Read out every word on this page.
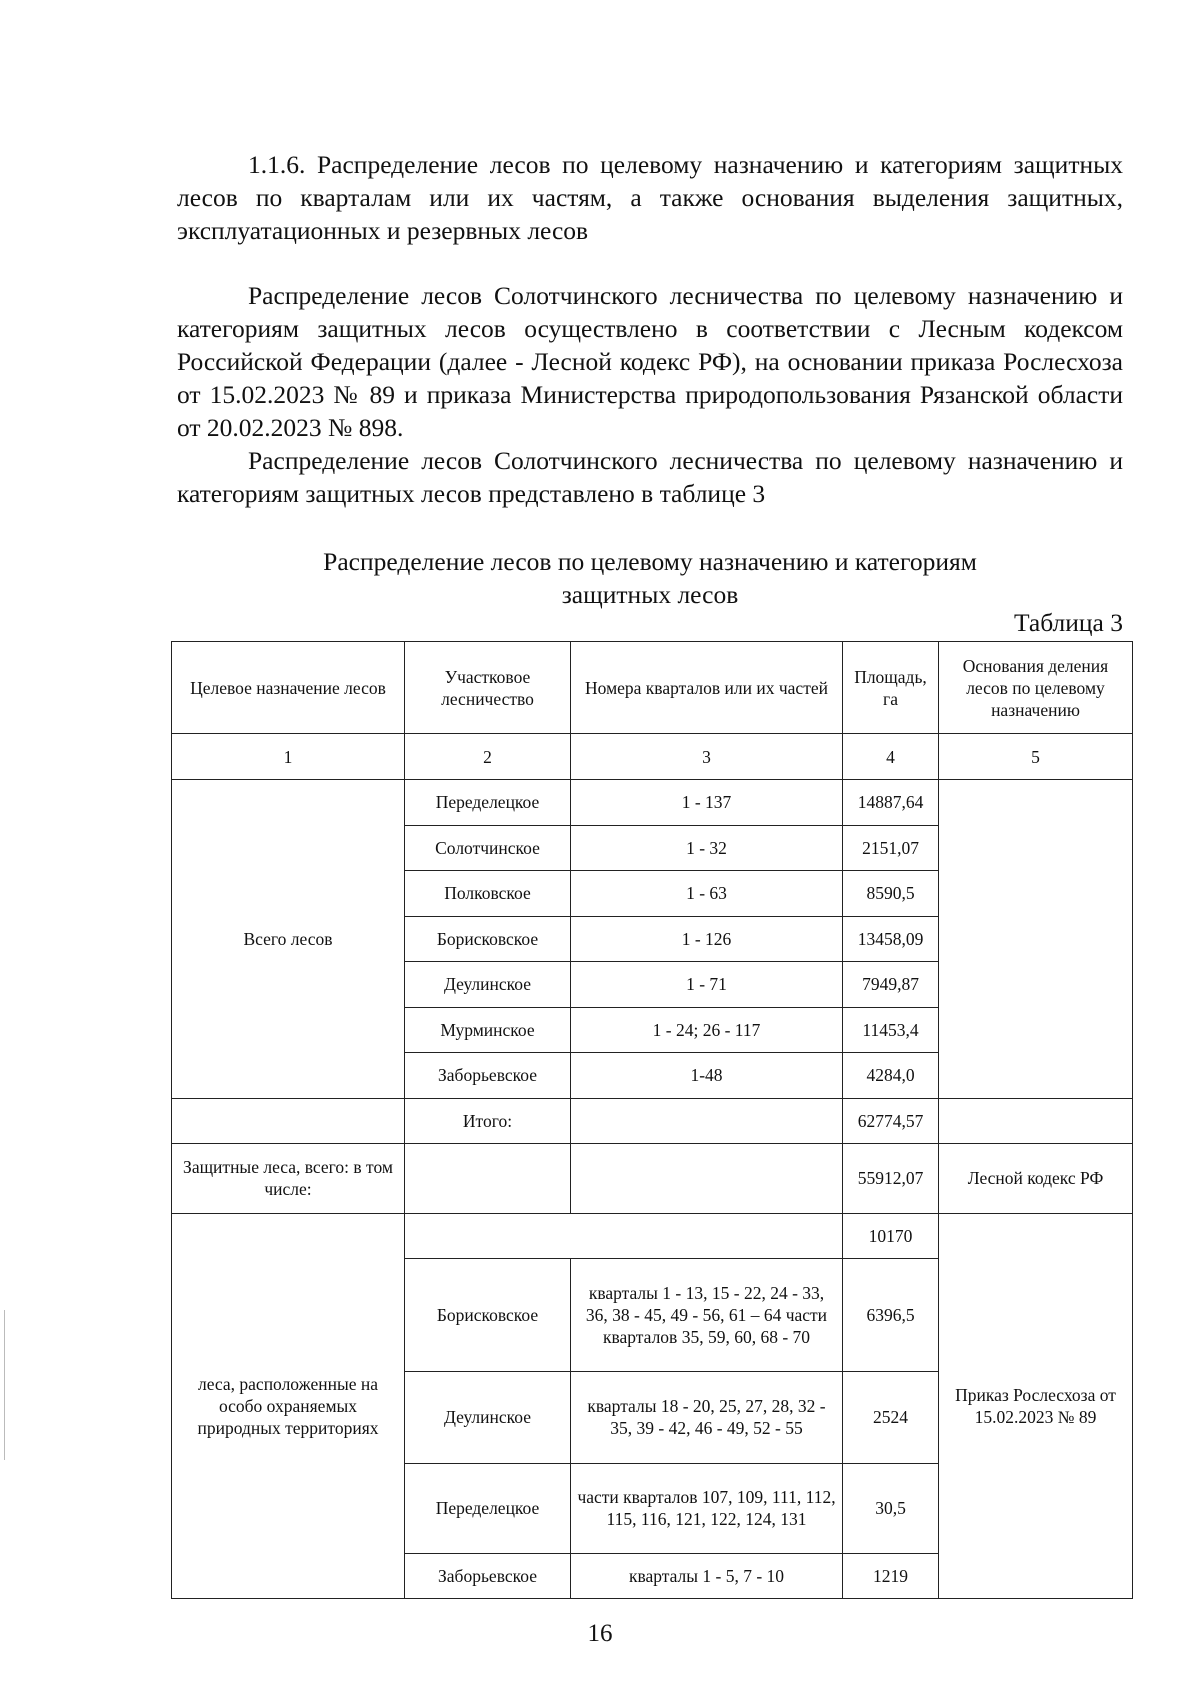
1.1.6. Распределение лесов по целевому назначению и категориям защитных лесов по кварталам или их частям, а также основания выделения защитных, эксплуатационных и резервных лесов

Распределение лесов Солотчинского лесничества по целевому назначению и категориям защитных лесов осуществлено в соответствии с Лесным кодексом Российской Федерации (далее - Лесной кодекс РФ), на основании приказа Рослесхоза от 15.02.2023 № 89 и приказа Министерства природопользования Рязанской области от 20.02.2023 № 898.

Распределение лесов Солотчинского лесничества по целевому назначению и категориям защитных лесов представлено в таблице 3

Распределение лесов по целевому назначению и категориям
защитных лесов
Таблица 3
Целевое назначение лесов	Участковое лесничество	Номера кварталов или их частей	Площадь, га	Основания деления лесов по целевому назначению
1	2	3	4	5
Всего лесов	Переделецкое	1 - 137	14887,64	
	Солотчинское	1 - 32	2151,07	
	Полковское	1 - 63	8590,5	
	Борисковское	1 - 126	13458,09	
	Деулинское	1 - 71	7949,87	
	Мурминское	1 - 24; 26 - 117	11453,4	
	Заборьевское	1-48	4284,0	
	Итого:		62774,57	
Защитные леса, всего: в том числе:			55912,07	Лесной кодекс РФ
леса, расположенные на особо охраняемых природных территориях			10170	Приказ Рослесхоза от 15.02.2023 № 89
	Борисковское	кварталы 1 - 13, 15 - 22, 24 - 33, 36, 38 - 45, 49 - 56, 61 – 64 части кварталов 35, 59, 60, 68 - 70	6396,5	
	Деулинское	кварталы 18 - 20, 25, 27, 28, 32 - 35, 39 - 42, 46 - 49, 52 - 55	2524	
	Переделецкое	части кварталов 107, 109, 111, 112, 115, 116, 121, 122, 124, 131	30,5	
	Заборьевское	кварталы 1 - 5, 7 - 10	1219	
16
